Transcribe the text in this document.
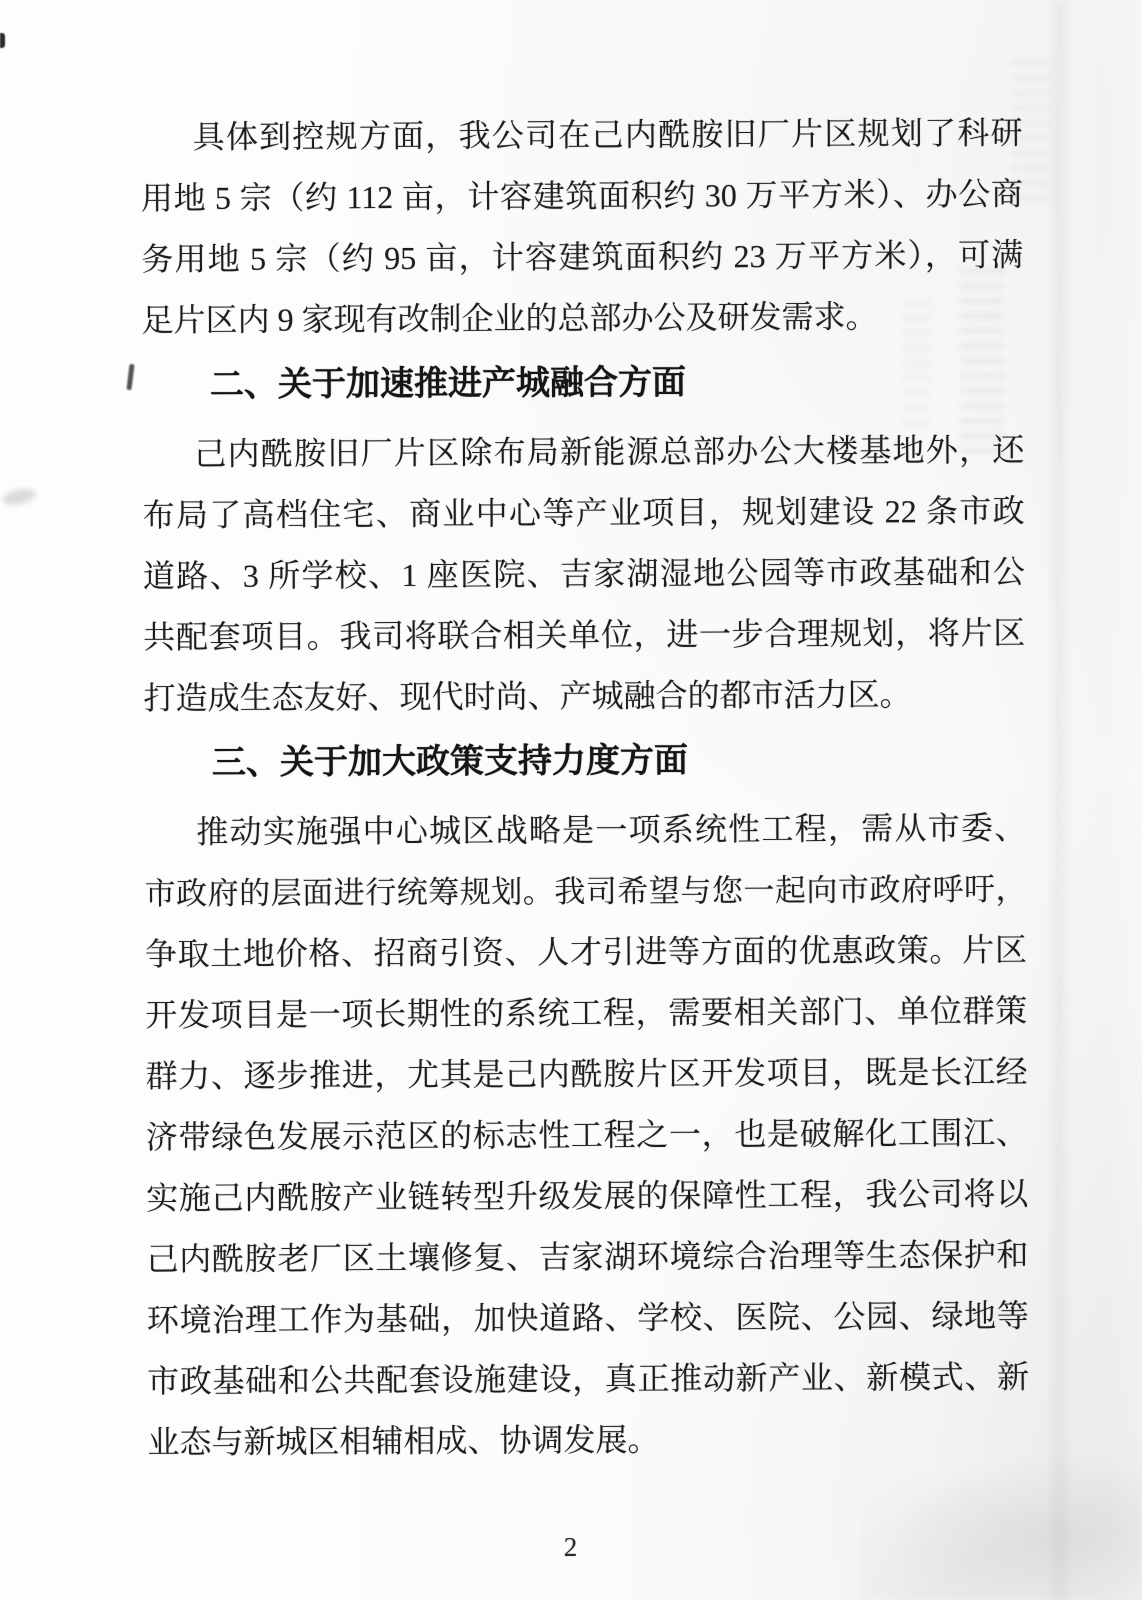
具体到控规方面，我公司在己内酰胺旧厂片区规划了科研
用地 5 宗（约 112 亩，计容建筑面积约 30 万平方米）、办公商
务用地 5 宗（约 95 亩，计容建筑面积约 23 万平方米），可满
足片区内 9 家现有改制企业的总部办公及研发需求。
二、关于加速推进产城融合方面
己内酰胺旧厂片区除布局新能源总部办公大楼基地外，还
布局了高档住宅、商业中心等产业项目，规划建设 22 条市政
道路、3 所学校、1 座医院、吉家湖湿地公园等市政基础和公
共配套项目。我司将联合相关单位，进一步合理规划，将片区
打造成生态友好、现代时尚、产城融合的都市活力区。
三、关于加大政策支持力度方面
推动实施强中心城区战略是一项系统性工程，需从市委、
市政府的层面进行统筹规划。我司希望与您一起向市政府呼吁，
争取土地价格、招商引资、人才引进等方面的优惠政策。片区
开发项目是一项长期性的系统工程，需要相关部门、单位群策
群力、逐步推进，尤其是己内酰胺片区开发项目，既是长江经
济带绿色发展示范区的标志性工程之一，也是破解化工围江、
实施己内酰胺产业链转型升级发展的保障性工程，我公司将以
己内酰胺老厂区土壤修复、吉家湖环境综合治理等生态保护和
环境治理工作为基础，加快道路、学校、医院、公园、绿地等
市政基础和公共配套设施建设，真正推动新产业、新模式、新
业态与新城区相辅相成、协调发展。
2
